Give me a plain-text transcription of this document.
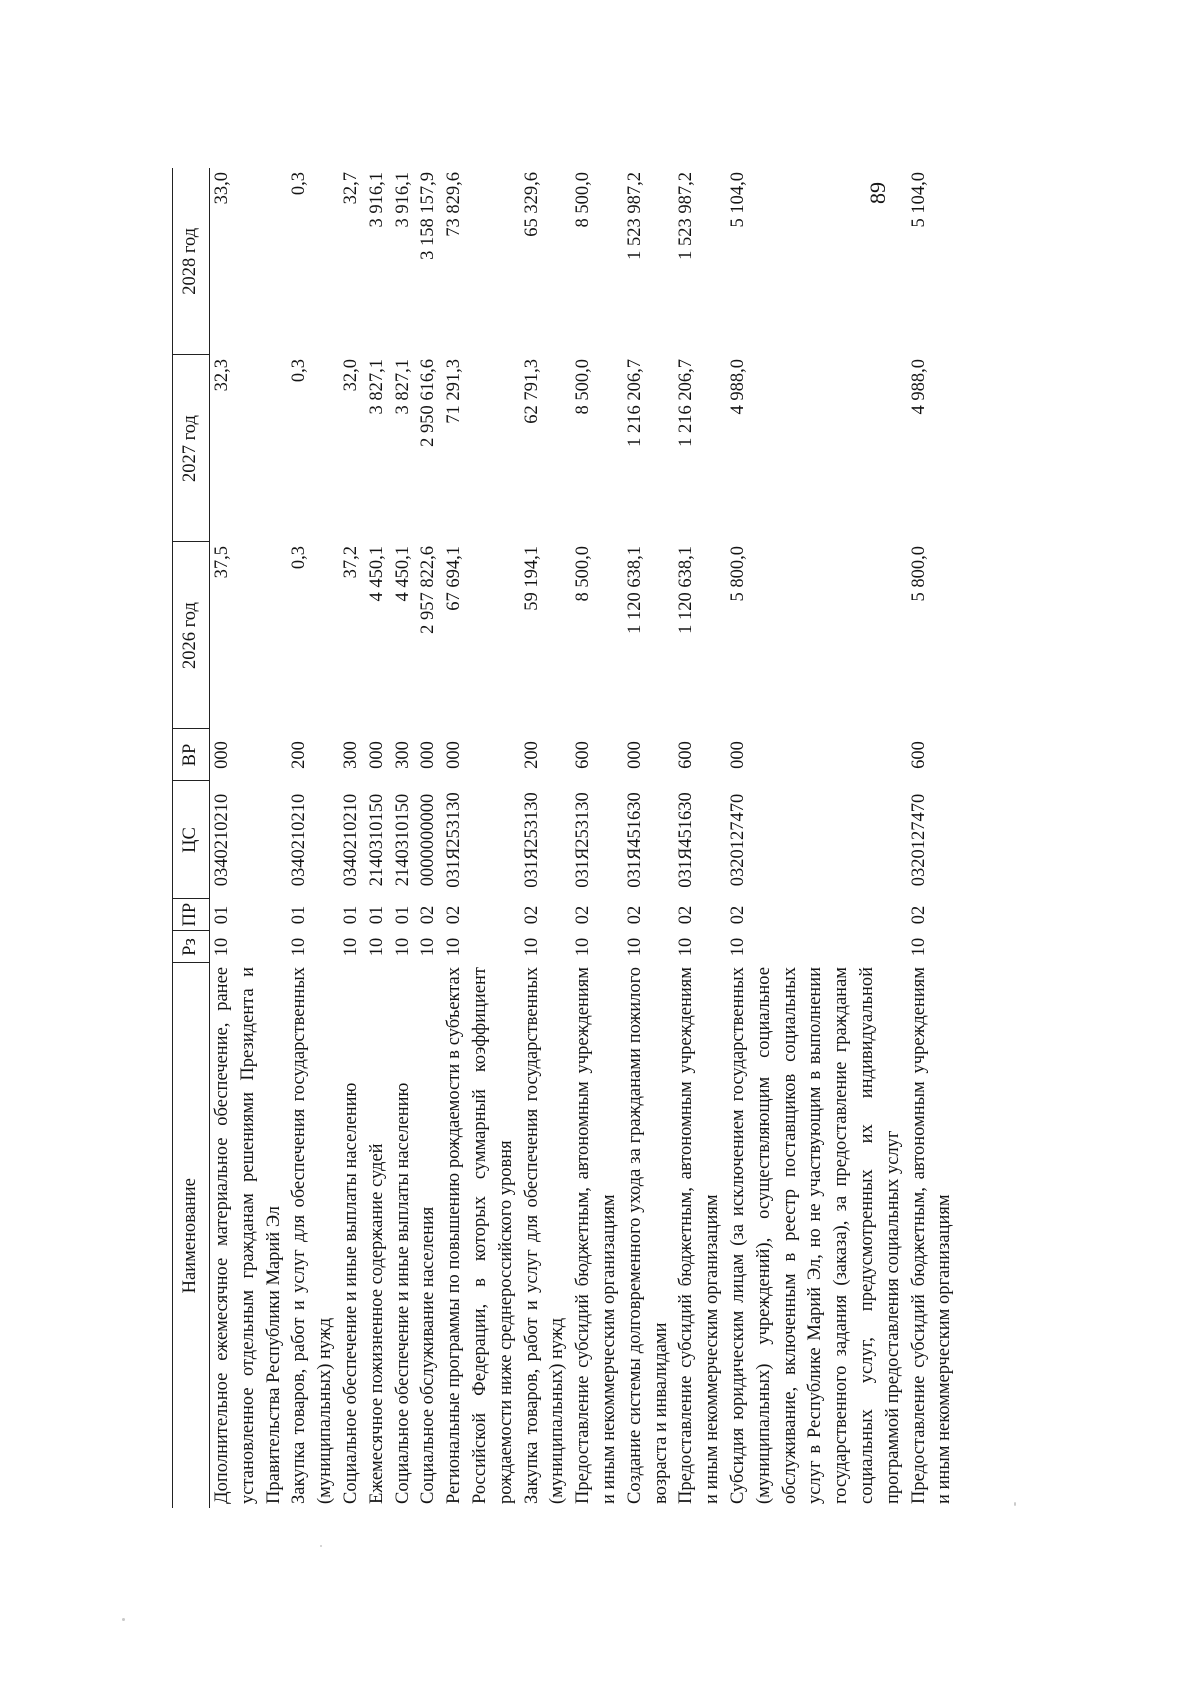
89
Наименование	Рз	ПР	ЦС	ВР	2026 год	2027 год	2028 год
Дополнительное ежемесячное материальное обеспечение, ранее установленное отдельным гражданам решениями Президента и Правительства Республики Марий Эл	10	01	0340210210	000	37,5	32,3	33,0
Закупка товаров, работ и услуг для обеспечения государственных (муниципальных) нужд	10	01	0340210210	200	0,3	0,3	0,3
Социальное обеспечение и иные выплаты населению	10	01	0340210210	300	37,2	32,0	32,7
Ежемесячное пожизненное содержание судей	10	01	2140310150	000	4 450,1	3 827,1	3 916,1
Социальное обеспечение и иные выплаты населению	10	01	2140310150	300	4 450,1	3 827,1	3 916,1
Социальное обслуживание населения	10	02	0000000000	000	2 957 822,6	2 950 616,6	3 158 157,9
Региональные программы по повышению рождаемости в субъектах Российской Федерации, в которых суммарный коэффициент рождаемости ниже среднероссийского уровня	10	02	031Я253130	000	67 694,1	71 291,3	73 829,6
Закупка товаров, работ и услуг для обеспечения государственных (муниципальных) нужд	10	02	031Я253130	200	59 194,1	62 791,3	65 329,6
Предоставление субсидий бюджетным, автономным учреждениям и иным некоммерческим организациям	10	02	031Я253130	600	8 500,0	8 500,0	8 500,0
Создание системы долговременного ухода за гражданами пожилого возраста и инвалидами	10	02	031Я451630	000	1 120 638,1	1 216 206,7	1 523 987,2
Предоставление субсидий бюджетным, автономным учреждениям и иным некоммерческим организациям	10	02	031Я451630	600	1 120 638,1	1 216 206,7	1 523 987,2
Субсидия юридическим лицам (за исключением государственных (муниципальных) учреждений), осуществляющим социальное обслуживание, включенным в реестр поставщиков социальных услуг в Республике Марий Эл, но не участвующим в выполнении государственного задания (заказа), за предоставление гражданам социальных услуг, предусмотренных их индивидуальной программой предоставления социальных услуг	10	02	0320127470	000	5 800,0	4 988,0	5 104,0
Предоставление субсидий бюджетным, автономным учреждениям и иным некоммерческим организациям	10	02	0320127470	600	5 800,0	4 988,0	5 104,0
